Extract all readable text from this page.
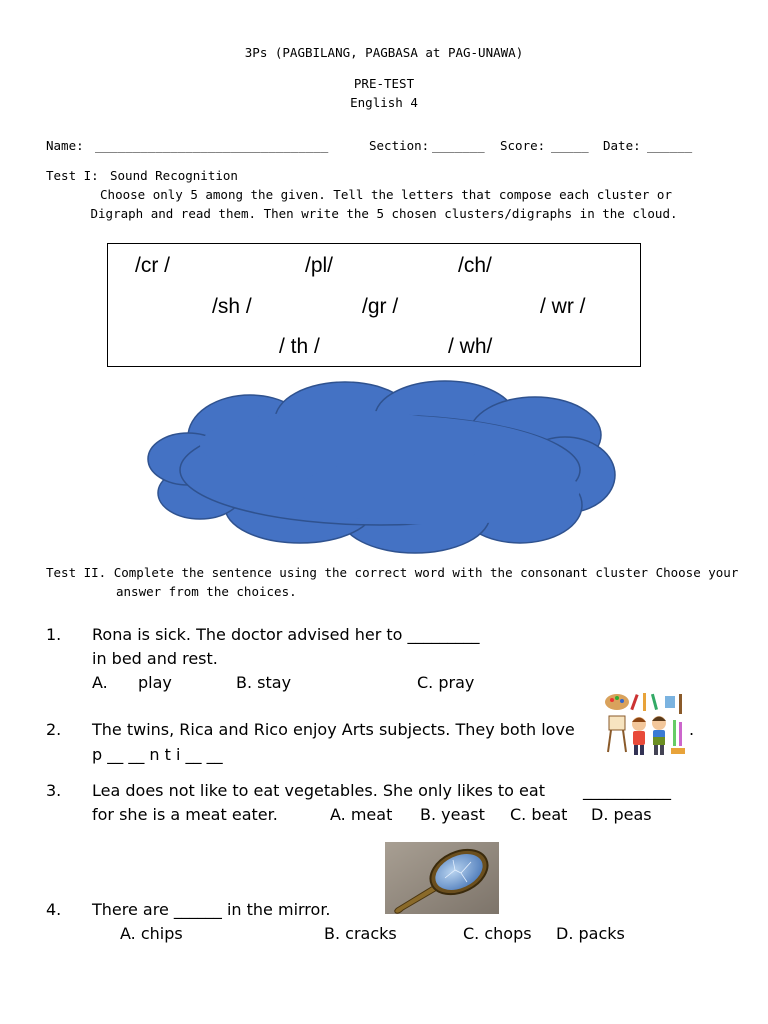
3Ps (PAGBILANG, PAGBASA at PAG-UNAWA)
PRE-TEST
English 4
Name: _______________________________	Section: _______ Score: _____ Date: ______
Test I: Sound Recognition
Choose only 5 among the given. Tell the letters that compose each cluster or
Digraph and read them. Then write the 5 chosen clusters/digraphs in the cloud.
/cr /	/pl/	/ch/
/sh /	/gr /	/ wr /
/ th /	/ wh/
Test II. Complete the sentence using the correct word with the consonant cluster Choose your
answer from the choices.
1. Rona is sick. The doctor advised her to _________
in bed and rest.
A. play	B. stay	C. pray
2. The twins, Rica and Rico enjoy Arts subjects. They both love	.
p __ __ n t i __ __
3. Lea does not like to eat vegetables. She only likes to eat ___________
for she is a meat eater.	A. meat B. yeast C. beat D. peas
4. There are ______ in the mirror.
A. chips	B. cracks	C. chops D. packs
